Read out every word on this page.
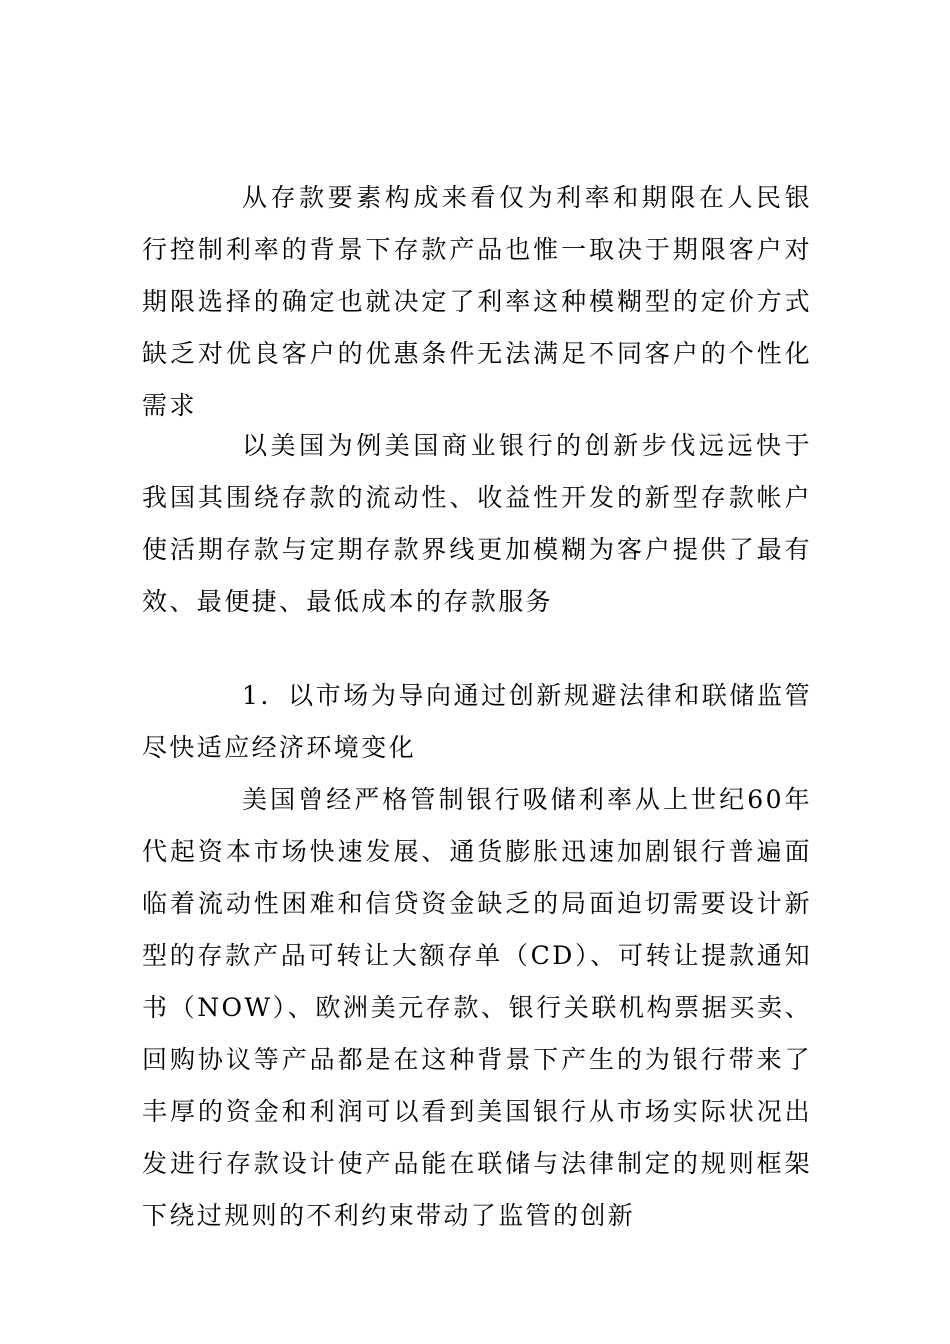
从存款要素构成来看仅为利率和期限在人民银行控制利率的背景下存款产品也惟一取决于期限客户对期限选择的确定也就决定了利率这种模糊型的定价方式缺乏对优良客户的优惠条件无法满足不同客户的个性化需求

以美国为例美国商业银行的创新步伐远远快于我国其围绕存款的流动性、收益性开发的新型存款帐户使活期存款与定期存款界线更加模糊为客户提供了最有效、最便捷、最低成本的存款服务

1．以市场为导向通过创新规避法律和联储监管尽快适应经济环境变化

美国曾经严格管制银行吸储利率从上世纪60年代起资本市场快速发展、通货膨胀迅速加剧银行普遍面临着流动性困难和信贷资金缺乏的局面迫切需要设计新型的存款产品可转让大额存单（CD）、可转让提款通知书（NOW）、欧洲美元存款、银行关联机构票据买卖、回购协议等产品都是在这种背景下产生的为银行带来了丰厚的资金和利润可以看到美国银行从市场实际状况出发进行存款设计使产品能在联储与法律制定的规则框架下绕过规则的不利约束带动了监管的创新
